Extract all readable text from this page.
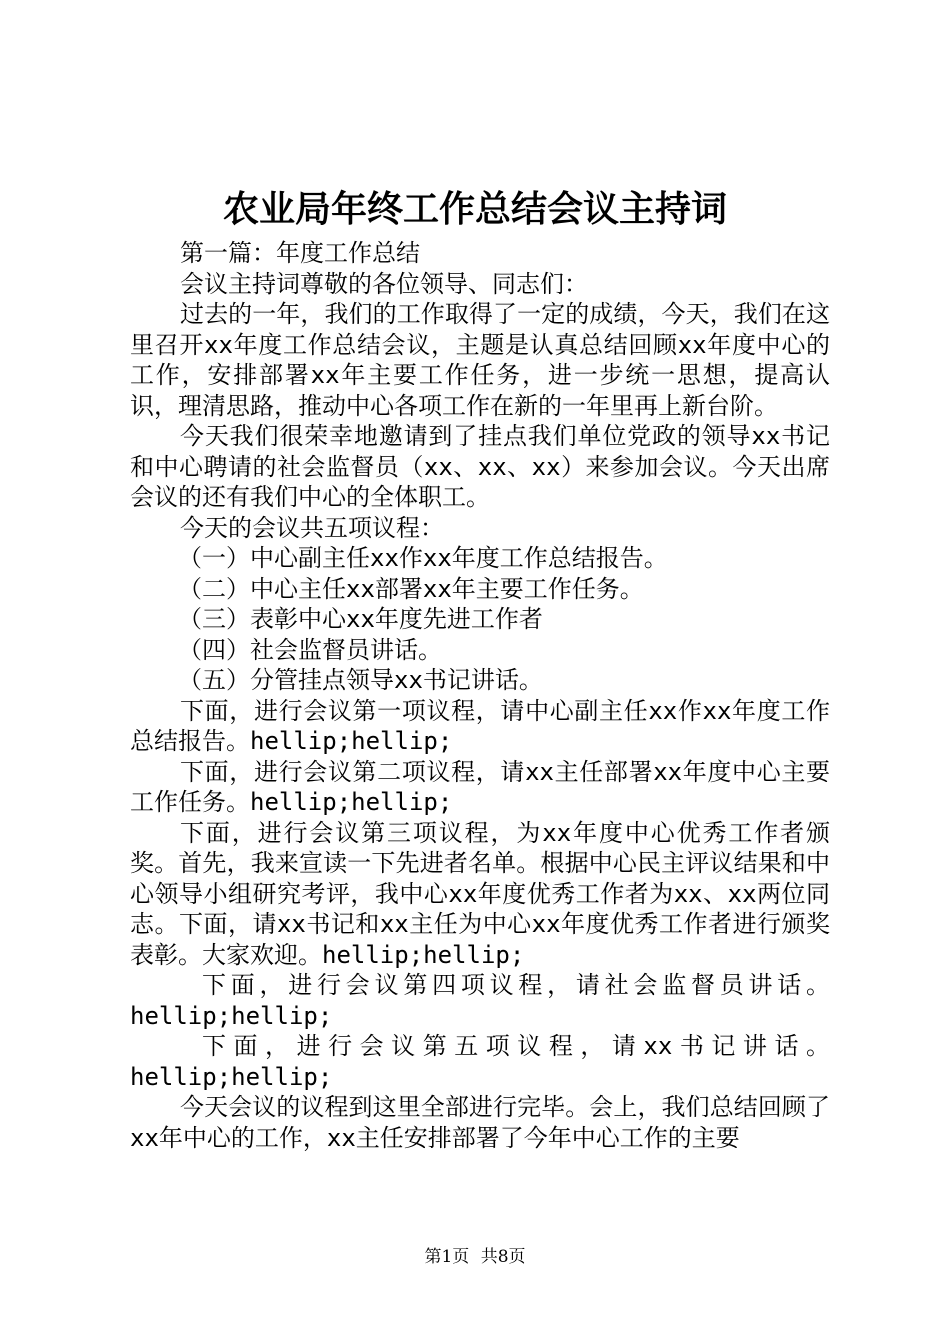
农业局年终工作总结会议主持词

第一篇：年度工作总结

会议主持词尊敬的各位领导、同志们：

过去的一年，我们的工作取得了一定的成绩，今天，我们在这里召开xx年度工作总结会议，主题是认真总结回顾xx年度中心的工作，安排部署xx年主要工作任务，进一步统一思想，提高认识，理清思路，推动中心各项工作在新的一年里再上新台阶。

今天我们很荣幸地邀请到了挂点我们单位党政的领导xx书记和中心聘请的社会监督员（xx、xx、xx）来参加会议。今天出席会议的还有我们中心的全体职工。

今天的会议共五项议程：

（一）中心副主任xx作xx年度工作总结报告。

（二）中心主任xx部署xx年主要工作任务。

（三）表彰中心xx年度先进工作者

（四）社会监督员讲话。

（五）分管挂点领导xx书记讲话。

下面，进行会议第一项议程，请中心副主任xx作xx年度工作总结报告。hellip;hellip;

下面，进行会议第二项议程，请xx主任部署xx年度中心主要工作任务。hellip;hellip;

下面，进行会议第三项议程，为xx年度中心优秀工作者颁奖。首先，我来宣读一下先进者名单。根据中心民主评议结果和中心领导小组研究考评，我中心xx年度优秀工作者为xx、xx两位同志。下面，请xx书记和xx主任为中心xx年度优秀工作者进行颁奖表彰。大家欢迎。hellip;hellip;

下面，进行会议第四项议程，请社会监督员讲话。hellip;hellip;

下面，进行会议第五项议程，请xx书记讲话。hellip;hellip;

今天会议的议程到这里全部进行完毕。会上，我们总结回顾了xx年中心的工作，xx主任安排部署了今年中心工作的主要

第1页 共8页
